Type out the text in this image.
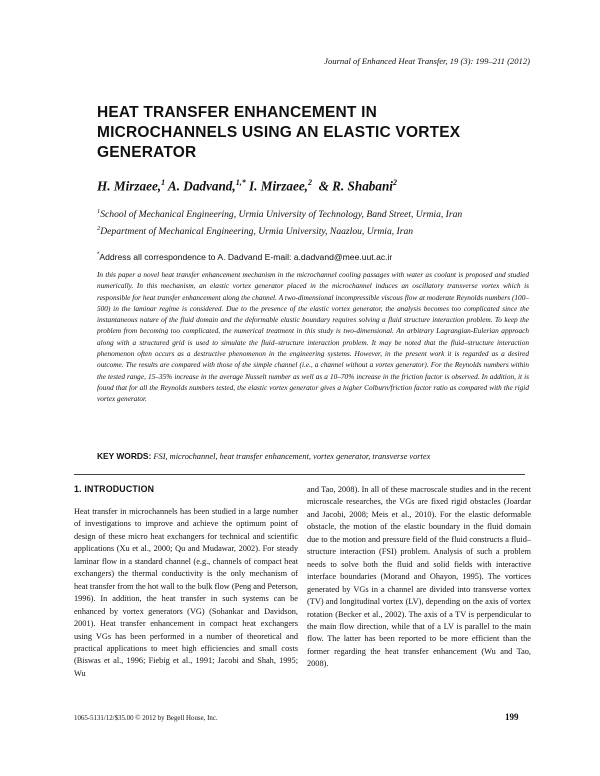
Journal of Enhanced Heat Transfer, 19 (3): 199–211 (2012)
HEAT TRANSFER ENHANCEMENT IN MICROCHANNELS USING AN ELASTIC VORTEX GENERATOR
H. Mirzaee,$^1$ A. Dadvand,$^{1,*}$ I. Mirzaee,$^2$ & R. Shabani$^2$
$^1$School of Mechanical Engineering, Urmia University of Technology, Band Street, Urmia, Iran
$^2$Department of Mechanical Engineering, Urmia University, Naazlou, Urmia, Iran
*Address all correspondence to A. Dadvand E-mail: a.dadvand@mee.uut.ac.ir
In this paper a novel heat transfer enhancement mechanism in the microchannel cooling passages with water as coolant is proposed and studied numerically. In this mechanism, an elastic vortex generator placed in the microchannel induces an oscillatory transverse vortex which is responsible for heat transfer enhancement along the channel. A two-dimensional incompressible viscous flow at moderate Reynolds numbers (100–500) in the laminar regime is considered. Due to the presence of the elastic vortex generator, the analysis becomes too complicated since the instantaneous nature of the fluid domain and the deformable elastic boundary requires solving a fluid structure interaction problem. To keep the problem from becoming too complicated, the numerical treatment in this study is two-dimensional. An arbitrary Lagrangian-Eulerian approach along with a structured grid is used to simulate the fluid–structure interaction problem. It may be noted that the fluid–structure interaction phenomenon often occurs as a destructive phenomenon in the engineering systems. However, in the present work it is regarded as a desired outcome. The results are compared with those of the simple channel (i.e., a channel without a vortex generator). For the Reynolds numbers within the tested range, 15–35% increase in the average Nusselt number as well as a 10–70% increase in the friction factor is observed. In addition, it is found that for all the Reynolds numbers tested, the elastic vortex generator gives a higher Colburn/friction factor ratio as compared with the rigid vortex generator.
KEY WORDS: FSI, microchannel, heat transfer enhancement, vortex generator, transverse vortex
1. INTRODUCTION
Heat transfer in microchannels has been studied in a large number of investigations to improve and achieve the optimum point of design of these micro heat exchangers for technical and scientific applications (Xu et al., 2000; Qu and Mudawar, 2002). For steady laminar flow in a standard channel (e.g., channels of compact heat exchangers) the thermal conductivity is the only mechanism of heat transfer from the hot wall to the bulk flow (Peng and Peterson, 1996). In addition, the heat transfer in such systems can be enhanced by vortex generators (VG) (Sohankar and Davidson, 2001). Heat transfer enhancement in compact heat exchangers using VGs has been performed in a number of theoretical and practical applications to meet high efficiencies and small costs (Biswas et al., 1996; Fiebig et al., 1991; Jacobi and Shah, 1995; Wu
and Tao, 2008). In all of these macroscale studies and in the recent microscale researches, the VGs are fixed rigid obstacles (Joardar and Jacobi, 2008; Meis et al., 2010). For the elastic deformable obstacle, the motion of the elastic boundary in the fluid domain due to the motion and pressure field of the fluid constructs a fluid–structure interaction (FSI) problem. Analysis of such a problem needs to solve both the fluid and solid fields with interactive interface boundaries (Morand and Ohayon, 1995). The vortices generated by VGs in a channel are divided into transverse vortex (TV) and longitudinal vortex (LV), depending on the axis of vortex rotation (Becker et al., 2002). The axis of a TV is perpendicular to the main flow direction, while that of a LV is parallel to the main flow. The latter has been reported to be more efficient than the former regarding the heat transfer enhancement (Wu and Tao, 2008).
1065-5131/12/$35.00 © 2012 by Begell House, Inc.	199
